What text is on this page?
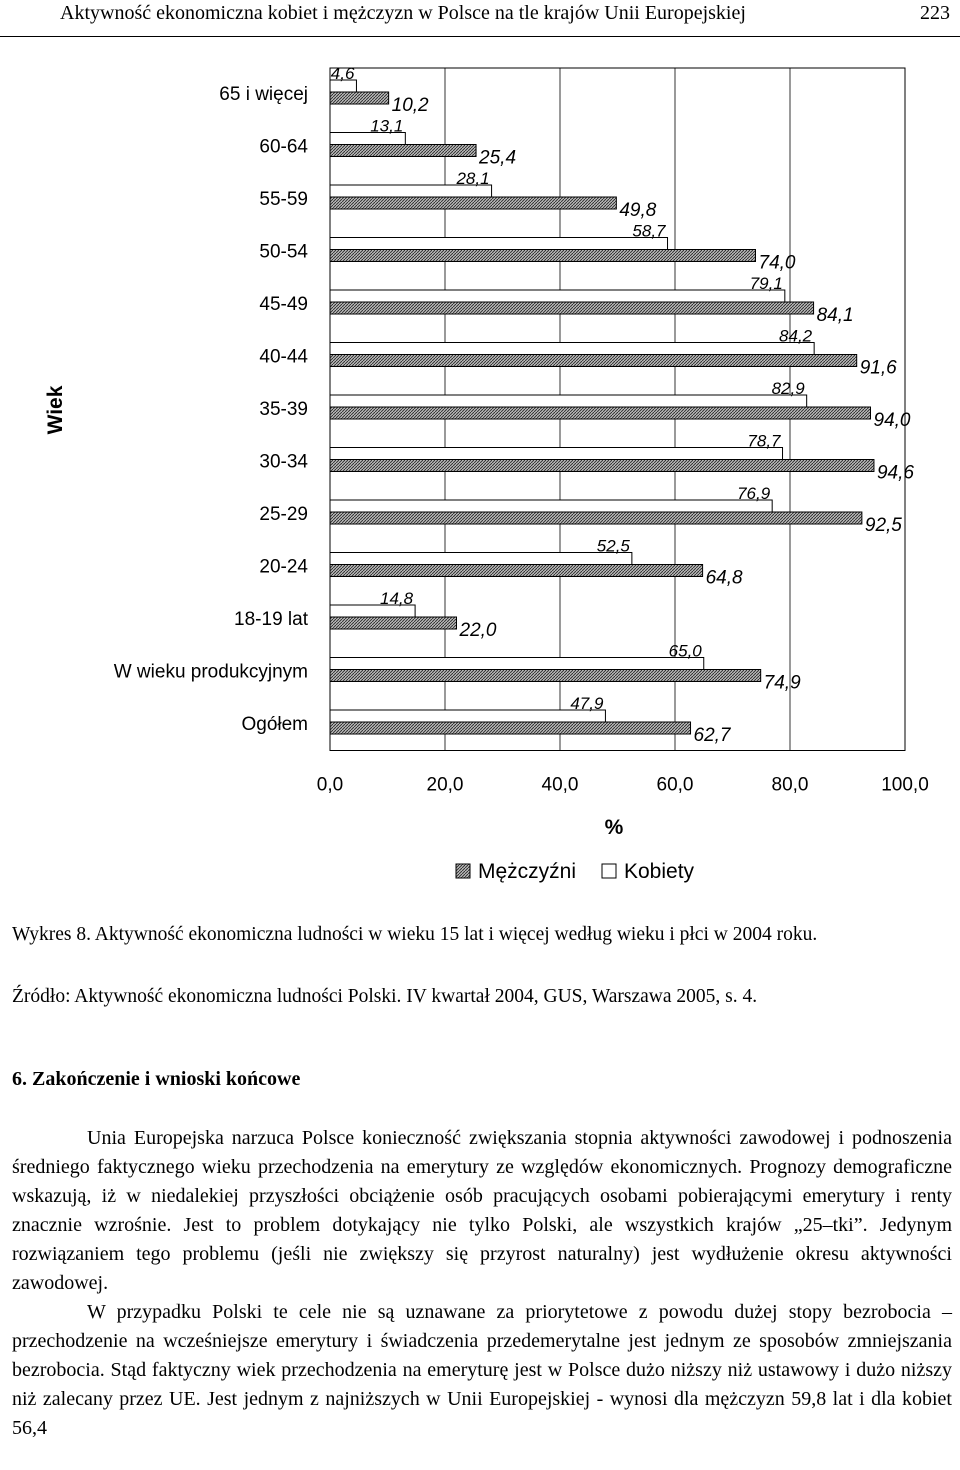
Aktywność ekonomiczna kobiet i mężczyzn w Polsce na tle krajów Unii Europejskiej	223
0,0	20,0	40,0	60,0	80,0	100,0
65 i więcej
4,6
10,2
60-64
13,1
25,4
55-59
28,1
49,8
50-54
58,7
74,0
45-49
79,1
84,1
40-44
84,2
91,6
35-39
82,9
94,0
30-34
78,7
94,6
25-29
76,9
92,5
20-24
52,5
64,8
18-19 lat
14,8
22,0
W wieku produkcyjnym
65,0
74,9
Ogółem
47,9
62,7
Wiek
%
Mężczyźni Kobiety
Wykres 8. Aktywność ekonomiczna ludności w wieku 15 lat i więcej według wieku i płci w 2004 roku.
Źródło: Aktywność ekonomiczna ludności Polski. IV kwartał 2004, GUS, Warszawa 2005, s. 4.
6. Zakończenie i wnioski końcowe

Unia Europejska narzuca Polsce konieczność zwiększania stopnia aktywności zawodowej i podnoszenia średniego faktycznego wieku przechodzenia na emerytury ze względów ekonomicznych. Prognozy demograficzne wskazują, iż w niedalekiej przyszłości obciążenie osób pracujących osobami pobierającymi emerytury i renty znacznie wzrośnie. Jest to problem dotykający nie tylko Polski, ale wszystkich krajów „25–tki”. Jedynym rozwiązaniem tego problemu (jeśli nie zwiększy się przyrost naturalny) jest wydłużenie okresu aktywności zawodowej.

W przypadku Polski te cele nie są uznawane za priorytetowe z powodu dużej stopy bezrobocia – przechodzenie na wcześniejsze emerytury i świadczenia przedemerytalne jest jednym ze sposobów zmniejszania bezrobocia. Stąd faktyczny wiek przechodzenia na emeryturę jest w Polsce dużo niższy niż ustawowy i dużo niższy niż zalecany przez UE. Jest jednym z najniższych w Unii Europejskiej - wynosi dla mężczyzn 59,8 lat i dla kobiet 56,4
